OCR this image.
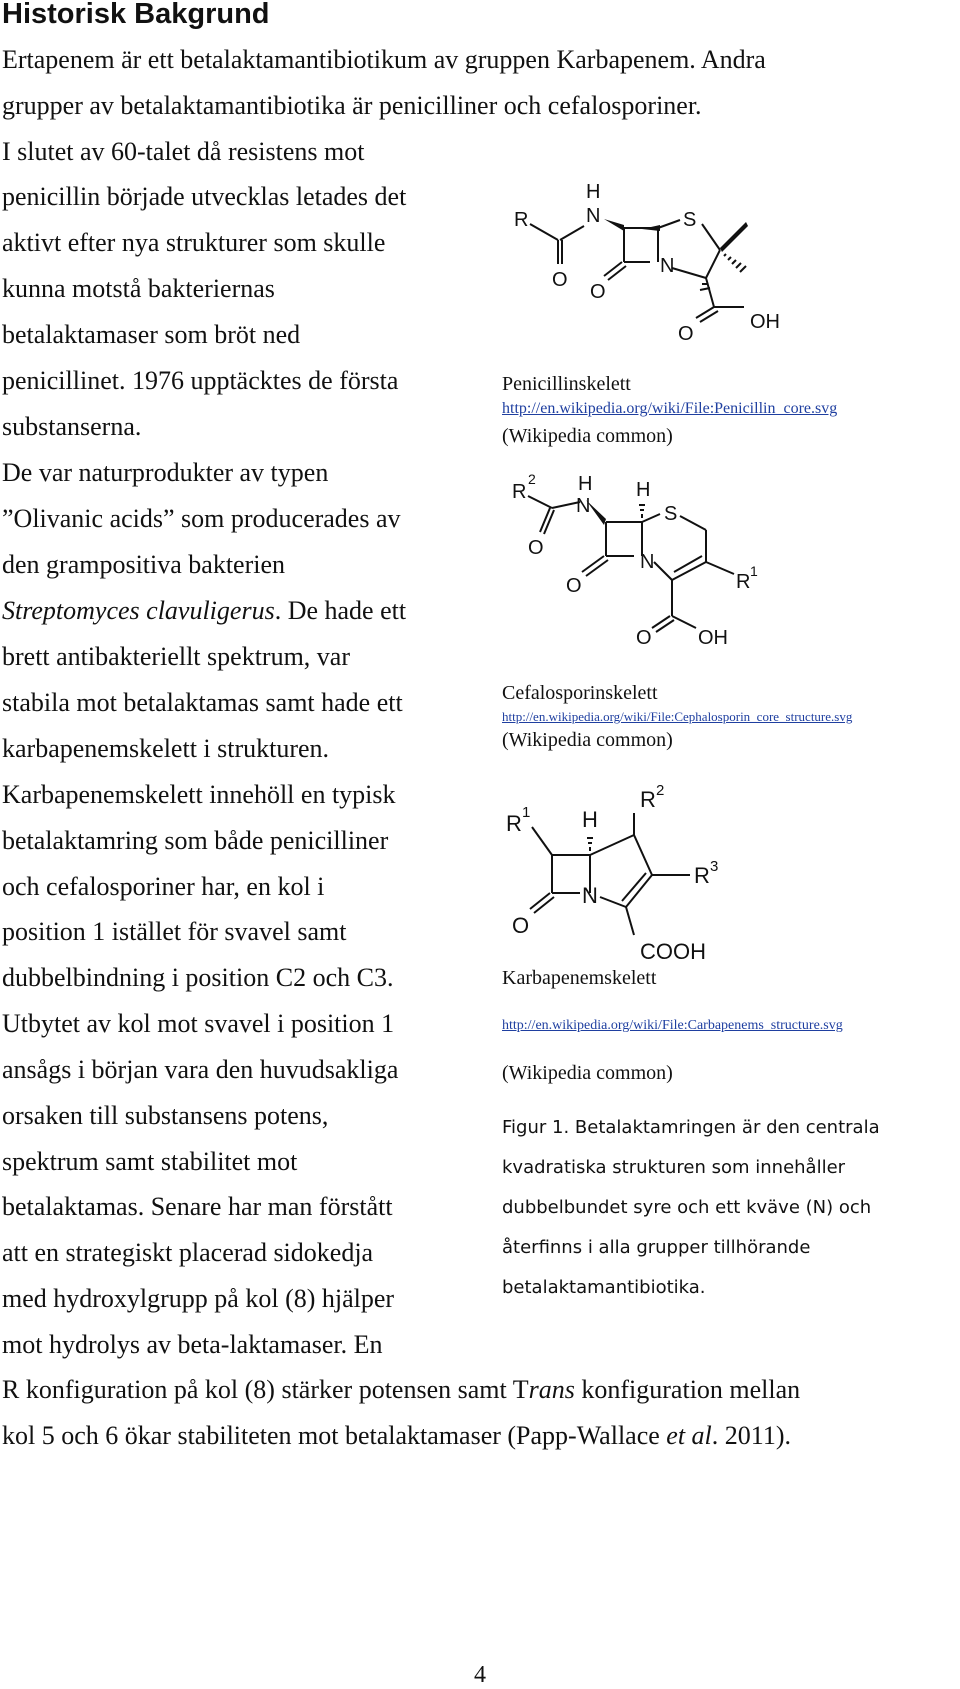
Historisk Bakgrund

Ertapenem är ett betalaktamantibiotikum av gruppen Karbapenem. Andra

grupper av betalaktamantibiotika är penicilliner och cefalosporiner.

I slutet av 60-talet då resistens mot

penicillin började utvecklas letades det

aktivt efter nya strukturer som skulle

kunna motstå bakteriernas

betalaktamaser som bröt ned

penicillinet. 1976 upptäcktes de första

substanserna.

De var naturprodukter av typen

”Olivanic acids” som producerades av

den grampositiva bakterien

Streptomyces clavuligerus. De hade ett

brett antibakteriellt spektrum, var

stabila mot betalaktamas samt hade ett

karbapenemskelett i strukturen.

Karbapenemskelett innehöll en typisk

betalaktamring som både penicilliner

och cefalosporiner har, en kol i

position 1 istället för svavel samt

dubbelbindning i position C2 och C3.

Utbytet av kol mot svavel i position 1

ansågs i början vara den huvudsakliga

orsaken till substansens potens,

spektrum samt stabilitet mot

betalaktamas. Senare har man förstått

att en strategiskt placerad sidokedja

med hydroxylgrupp på kol (8) hjälper

mot hydrolys av beta-laktamaser. En

R konfiguration på kol (8) stärker potensen samt Trans konfiguration mellan

kol 5 och 6 ökar stabiliteten mot betalaktamaser (Papp-Wallace et al. 2011).

R
H
N
O
O
N
S
O
OH

Penicillinskelett

http://en.wikipedia.org/wiki/File:Penicillin_core.svg

(Wikipedia common)

R
2 H
N
H
S
O
O
N
R 1
O OH

Cefalosporinskelett

http://en.wikipedia.org/wiki/File:Cephalosporin_core_structure.svg

(Wikipedia common)

R 1 H
R 2
R 3
N
O
COOH

Karbapenemskelett

http://en.wikipedia.org/wiki/File:Carbapenems_structure.svg

(Wikipedia common)

Figur 1. Betalaktamringen är den centrala

kvadratiska strukturen som innehåller

dubbelbundet syre och ett kväve (N) och

återfinns i alla grupper tillhörande

betalaktamantibiotika.

4
